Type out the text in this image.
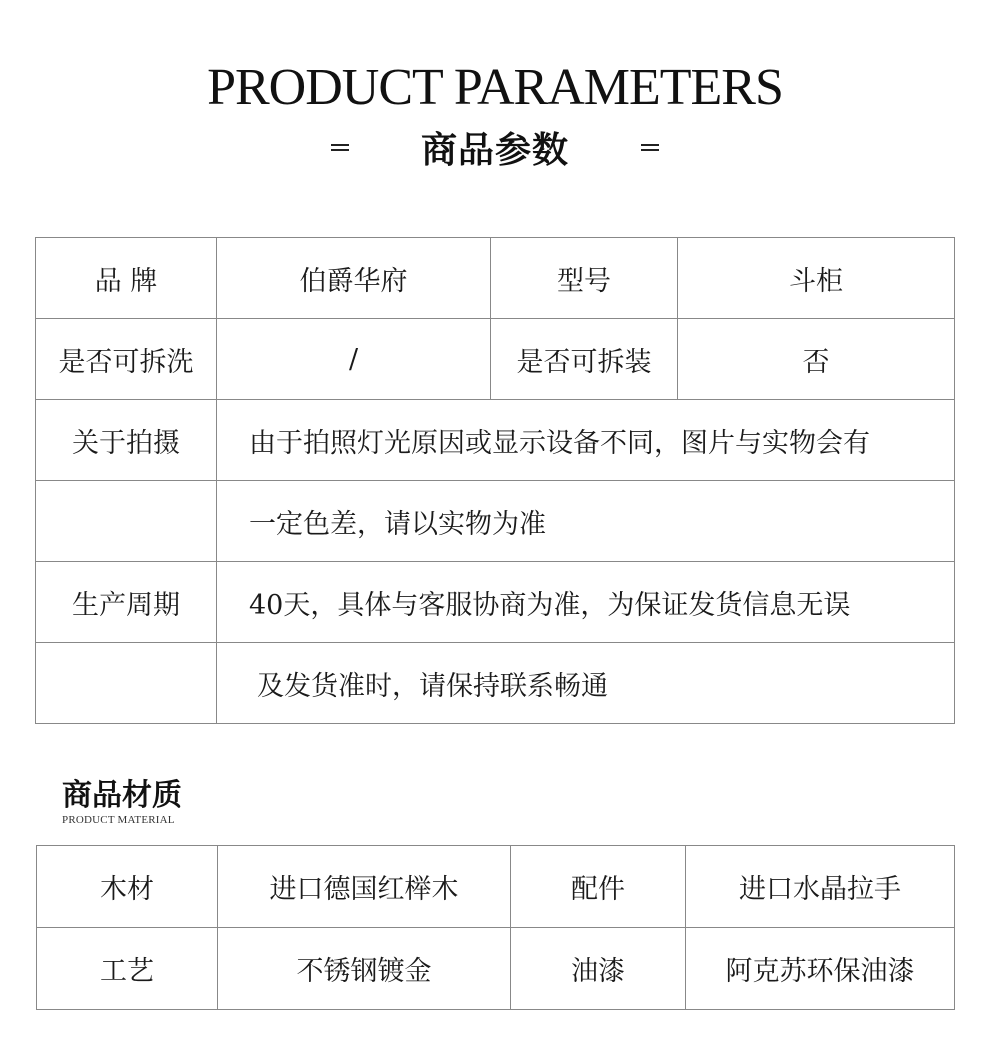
PRODUCT PARAMETERS
商品参数
品 牌	伯爵华府	型号	斗柜
是否可拆洗	/	是否可拆装	否
关于拍摄	由于拍照灯光原因或显示设备不同，图片与实物会有		
	一定色差，请以实物为准		
生产周期	40天，具体与客服协商为准，为保证发货信息无误		
	及发货准时，请保持联系畅通		
商品材质
PRODUCT MATERIAL
木材	进口德国红榉木	配件	进口水晶拉手
工艺	不锈钢镀金	油漆	阿克苏环保油漆
